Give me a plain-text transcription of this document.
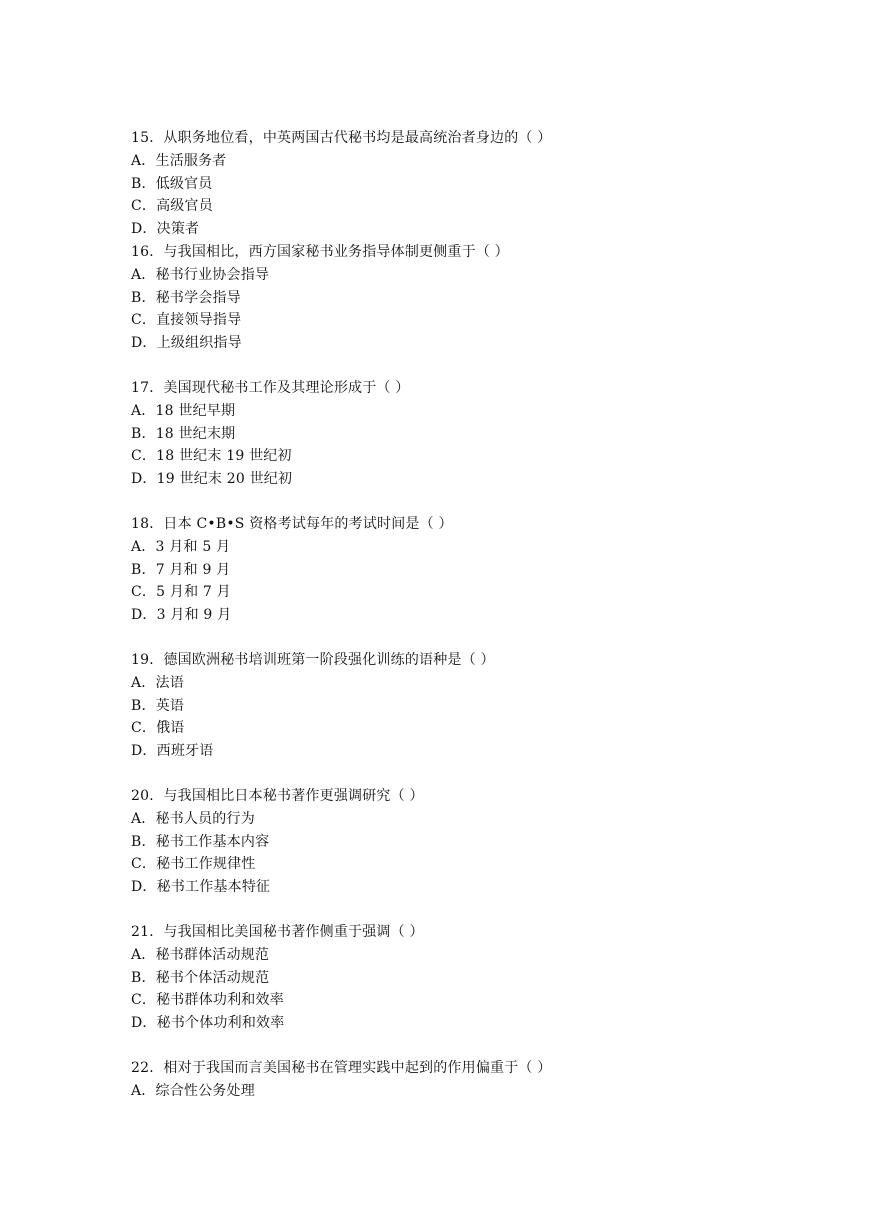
15．从职务地位看，中英两国古代秘书均是最高统治者身边的（ ）
A．生活服务者
B．低级官员
C．高级官员
D．决策者
16．与我国相比，西方国家秘书业务指导体制更侧重于（ ）
A．秘书行业协会指导
B．秘书学会指导
C．直接领导指导
D．上级组织指导
17．美国现代秘书工作及其理论形成于（ ）
A．18 世纪早期
B．18 世纪末期
C．18 世纪末 19 世纪初
D．19 世纪末 20 世纪初
18．日本 C•B•S 资格考试每年的考试时间是（ ）
A．3 月和 5 月
B．7 月和 9 月
C．5 月和 7 月
D．3 月和 9 月
19．德国欧洲秘书培训班第一阶段强化训练的语种是（ ）
A．法语
B．英语
C．俄语
D．西班牙语
20．与我国相比日本秘书著作更强调研究（ ）
A．秘书人员的行为
B．秘书工作基本内容
C．秘书工作规律性
D．秘书工作基本特征
21．与我国相比美国秘书著作侧重于强调（ ）
A．秘书群体活动规范
B．秘书个体活动规范
C．秘书群体功利和效率
D．秘书个体功利和效率
22．相对于我国而言美国秘书在管理实践中起到的作用偏重于（ ）
A．综合性公务处理
